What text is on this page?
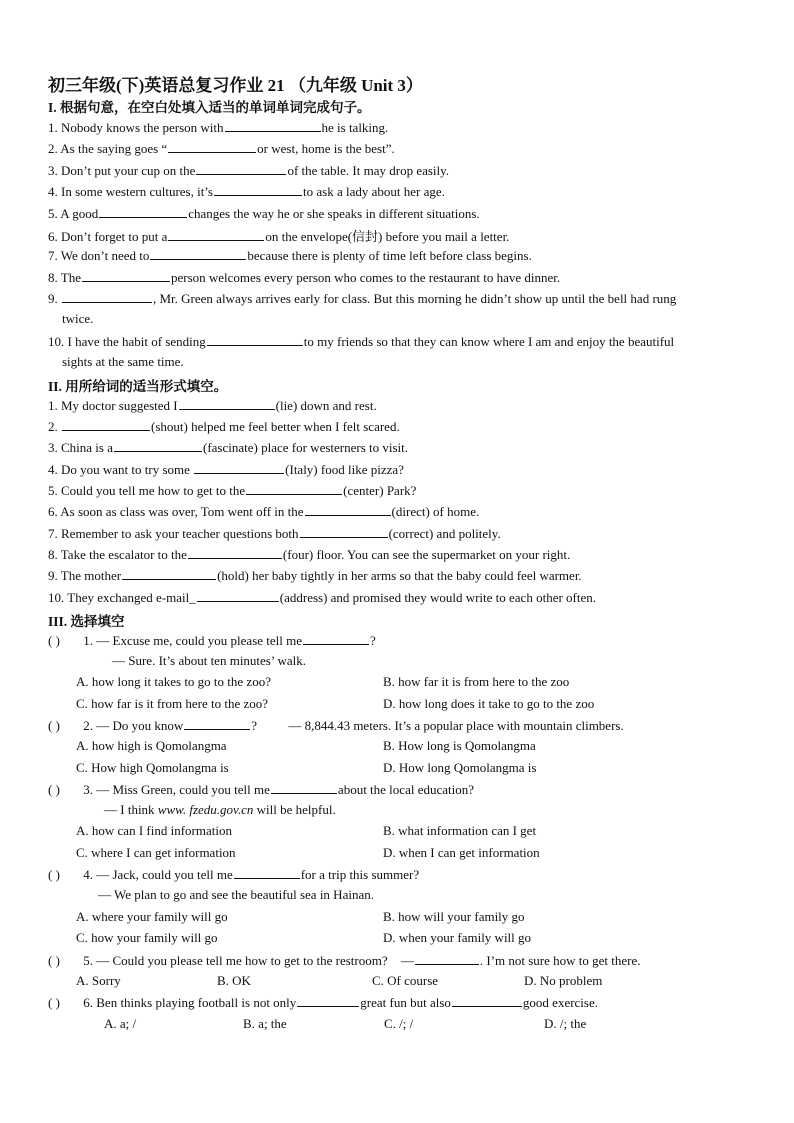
初三年级(下)英语总复习作业 21 （九年级 Unit 3）
I. 根据句意，在空白处填入适当的单词单词完成句子。
1. Nobody knows the person with	he is talking.
2. As the saying goes “	or west, home is the best”.
3. Don’t put your cup on the	of the table. It may drop easily.
4. In some western cultures, it’s	to ask a lady about her age.
5. A good	changes the way he or she speaks in different situations.
6. Don’t forget to put a	on the envelope(信封) before you mail a letter.
7. We don’t need to	because there is plenty of time left before class begins.
8. The	person welcomes every person who comes to the restaurant to have dinner.
9.	, Mr. Green always arrives early for class. But this morning he didn’t show up until the bell had rung
twice.
10. I have the habit of sending	to my friends so that they can know where I am and enjoy the beautiful
sights at the same time.
II. 用所给词的适当形式填空。
1. My doctor suggested I	(lie) down and rest.
2.	(shout) helped me feel better when I felt scared.
3. China is a	(fascinate) place for westerners to visit.
4. Do you want to try some	(Italy) food like pizza?
5. Could you tell me how to get to the	(center) Park?
6. As soon as class was over, Tom went off in the	(direct) of home.
7. Remember to ask your teacher questions both	(correct) and politely.
8. Take the escalator to the	(four) floor. You can see the supermarket on your right.
9. The mother	(hold) her baby tightly in her arms so that the baby could feel warmer.
10. They exchanged e-mail_	(address) and promised they would write to each other often.
III. 选择填空
( ) 1. — Excuse me, could you please tell me	?
— Sure. It’s about ten minutes’ walk.
A. how long it takes to go to the zoo?	B. how far it is from here to the zoo
C. how far is it from here to the zoo?	D. how long does it take to go to the zoo
( ) 2. — Do you know	? — 8,844.43 meters. It’s a popular place with mountain climbers.
A. how high is Qomolangma	B. How long is Qomolangma
C. How high Qomolangma is	D. How long Qomolangma is
( ) 3. — Miss Green, could you tell me	about the local education?
— I think www. fzedu.gov.cn will be helpful.
A. how can I find information	B. what information can I get
C. where I can get information	D. when I can get information
( ) 4. — Jack, could you tell me	for a trip this summer?
— We plan to go and see the beautiful sea in Hainan.
A. where your family will go	B. how will your family go
C. how your family will go	D. when your family will go
( ) 5. — Could you please tell me how to get to the restroom? —	. I’m not sure how to get there.
A. Sorry	B. OK	C. Of course	D. No problem
( ) 6. Ben thinks playing football is not only	great fun but also	good exercise.
A. a; /	B. a; the	C. /; /	D. /; the
